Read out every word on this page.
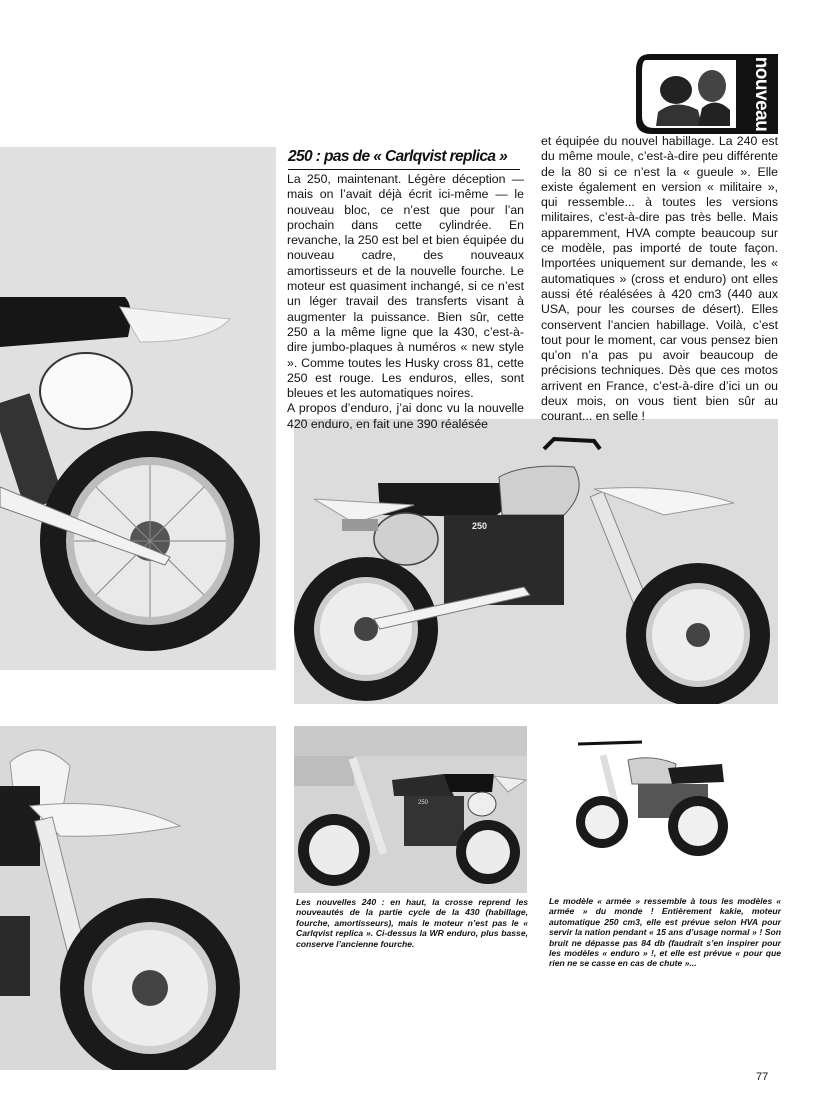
nouveau
250
250
250 : pas de « Carlqvist replica »

La 250, maintenant. Légère déception — mais on l’avait déjà écrit ici-même — le nouveau bloc, ce n’est que pour l’an prochain dans cette cylindrée. En revanche, la 250 est bel et bien équipée du nouveau cadre, des nouveaux amortisseurs et de la nouvelle fourche. Le moteur est quasiment inchangé, si ce n’est un léger travail des transferts visant à augmenter la puissance. Bien sûr, cette 250 a la même ligne que la 430, c’est-à-dire jumbo-plaques à numéros « new style ». Comme toutes les Husky cross 81, cette 250 est rouge. Les enduros, elles, sont bleues et les automatiques noires.

A propos d’enduro, j’ai donc vu la nouvelle 420 enduro, en fait une 390 réalésée

et équipée du nouvel habillage. La 240 est du même moule, c’est-à-dire peu différente de la 80 si ce n’est la « gueule ». Elle existe également en version « militaire », qui ressemble... à toutes les versions militaires, c’est-à-dire pas très belle. Mais apparemment, HVA compte beaucoup sur ce modèle, pas importé de toute façon. Importées uniquement sur demande, les « automatiques » (cross et enduro) ont elles aussi été réalésées à 420 cm3 (440 aux USA, pour les courses de désert). Elles conservent l’ancien habillage. Voilà, c’est tout pour le moment, car vous pensez bien qu’on n’a pas pu avoir beaucoup de précisions techniques. Dès que ces motos arrivent en France, c’est-à-dire d’ici un ou deux mois, on vous tient bien sûr au courant... en selle !

Les nouvelles 240 : en haut, la crosse reprend les nouveautés de la partie cycle de la 430 (habillage, fourche, amortisseurs), mais le moteur n’est pas le « Carlqvist replica ». Ci-dessus la WR enduro, plus basse, conserve l’ancienne fourche.

Le modèle « armée » ressemble à tous les modèles « armée » du monde ! Entièrement kakie, moteur automatique 250 cm3, elle est prévue selon HVA pour servir la nation pendant « 15 ans d’usage normal » ! Son bruit ne dépasse pas 84 db (faudrait s’en inspirer pour les modèles « enduro » !, et elle est prévue « pour que rien ne se casse en cas de chute »...

77
